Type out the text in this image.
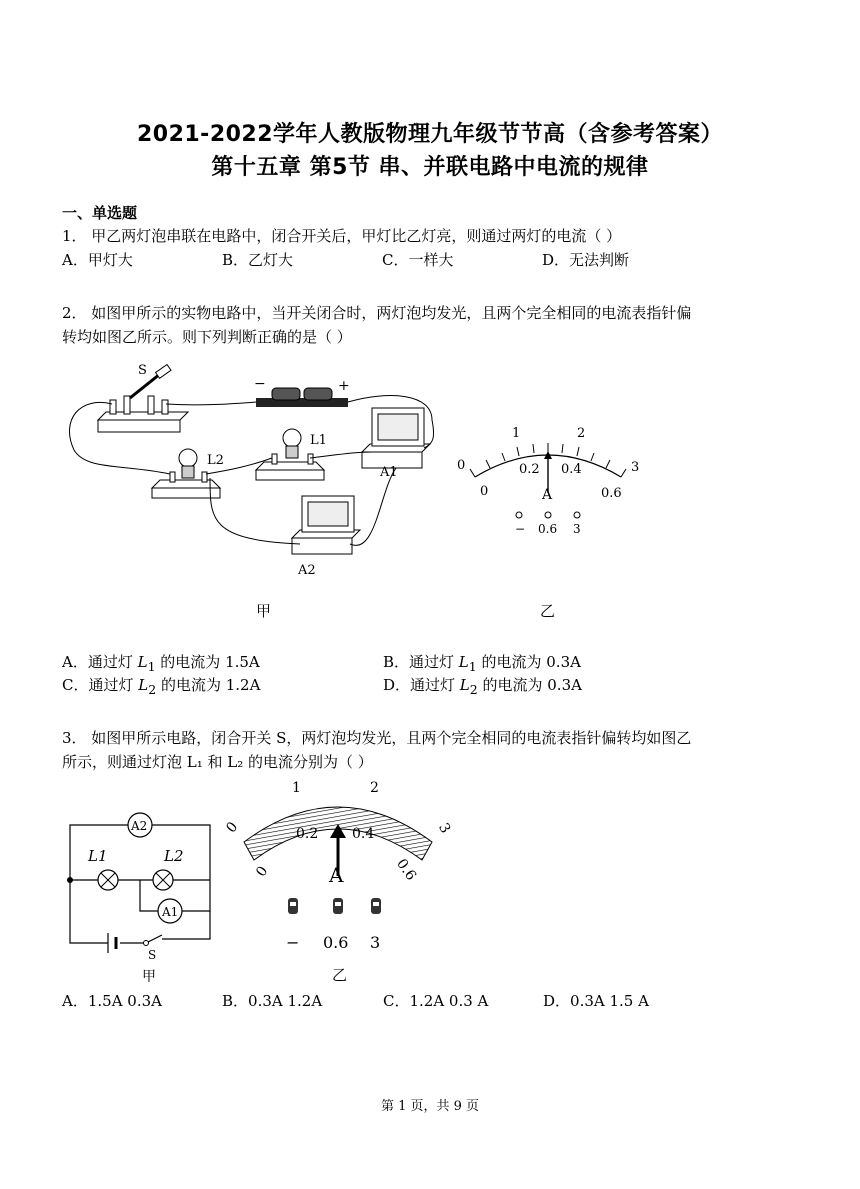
2021-2022学年人教版物理九年级节节高（含参考答案）
第十五章 第5节 串、并联电路中电流的规律
一、单选题
1． 甲乙两灯泡串联在电路中，闭合开关后，甲灯比乙灯亮，则通过两灯的电流（ ）
A．甲灯大	B．乙灯大	C．一样大	D．无法判断
2． 如图甲所示的实物电路中，当开关闭合时，两灯泡均发光，且两个完全相同的电流表指针偏
转均如图乙所示。则下列判断正确的是（ ）
S
−	+
L2
L1
A1
A2
甲
0
1	2
3
0
0.2 0.4
0.6
A
− 0.6 3
乙
A．通过灯 $L_1$ 的电流为 1.5A	B．通过灯 $L_1$ 的电流为 0.3A
C．通过灯 $L_2$ 的电流为 1.2A	D．通过灯 $L_2$ 的电流为 0.3A
3． 如图甲所示电路，闭合开关 S，两灯泡均发光，且两个完全相同的电流表指针偏转均如图乙
所示，则通过灯泡 L₁ 和 L₂ 的电流分别为（ ）
A2
A1
L1	L2
S
甲
0
1	2
3
0
0.2 0.4
0.6
A
− 0.6 3
乙
A．1.5A 0.3A	B．0.3A 1.2A	C．1.2A 0.3 A	D．0.3A 1.5 A
第 1 页，共 9 页
